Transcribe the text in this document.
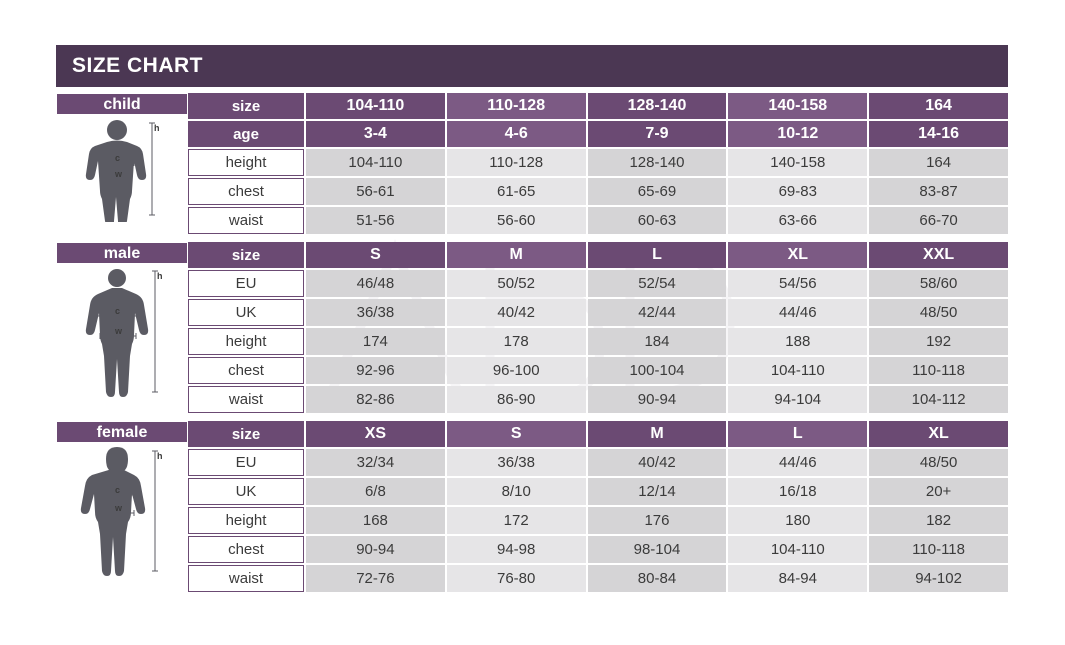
SIZE CHART
child
h
c
w
size	104-110	110-128	128-140	140-158	164
age	3-4	4-6	7-9	10-12	14-16
height	104-110	110-128	128-140	140-158	164
chest	56-61	61-65	65-69	69-83	83-87
waist	51-56	56-60	60-63	63-66	66-70
male
h
c
w
size	S	M	L	XL	XXL
EU	46/48	50/52	52/54	54/56	58/60
UK	36/38	40/42	42/44	44/46	48/50
height	174	178	184	188	192
chest	92-96	96-100	100-104	104-110	110-118
waist	82-86	86-90	90-94	94-104	104-112
female
h
c
w
size	XS	S	M	L	XL
EU	32/34	36/38	40/42	44/46	48/50
UK	6/8	8/10	12/14	16/18	20+
height	168	172	176	180	182
chest	90-94	94-98	98-104	104-110	110-118
waist	72-76	76-80	80-84	84-94	94-102
